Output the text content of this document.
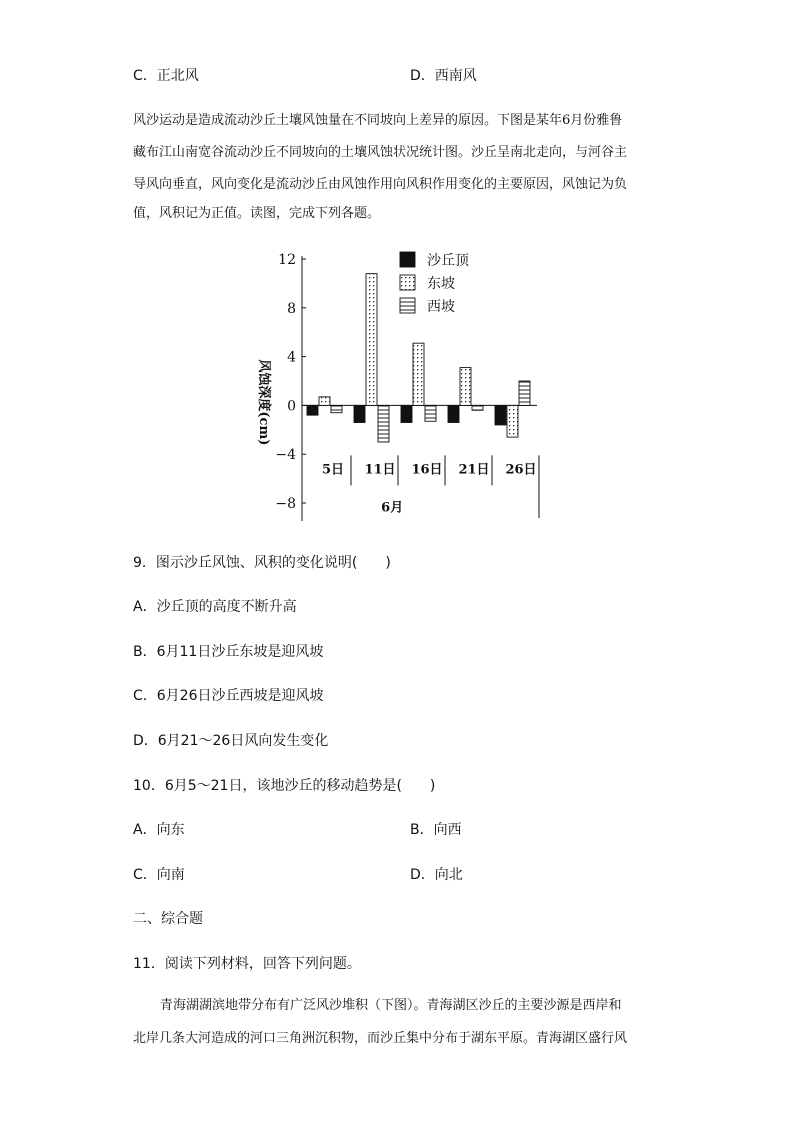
C．正北风	D．西南风
风沙运动是造成流动沙丘土壤风蚀量在不同坡向上差异的原因。下图是某年6月份雅鲁
藏布江山南宽谷流动沙丘不同坡向的土壤风蚀状况统计图。沙丘呈南北走向，与河谷主
导风向垂直，风向变化是流动沙丘由风蚀作用向风积作用变化的主要原因，风蚀记为负
值，风积记为正值。读图，完成下列各题。
12
8
4
0
−4
−8
风蚀深度(cm)
5日 11日 16日 21日 26日
6月
沙丘顶
东坡
西坡
9．图示沙丘风蚀、风积的变化说明(　　)
A．沙丘顶的高度不断升高
B．6月11日沙丘东坡是迎风坡
C．6月26日沙丘西坡是迎风坡
D．6月21～26日风向发生变化
10．6月5～21日，该地沙丘的移动趋势是(　　)
A．向东	B．向西
C．向南	D．向北
二、综合题
11．阅读下列材料，回答下列问题。
青海湖湖滨地带分布有广泛风沙堆积（下图）。青海湖区沙丘的主要沙源是西岸和
北岸几条大河造成的河口三角洲沉积物，而沙丘集中分布于湖东平原。青海湖区盛行风
